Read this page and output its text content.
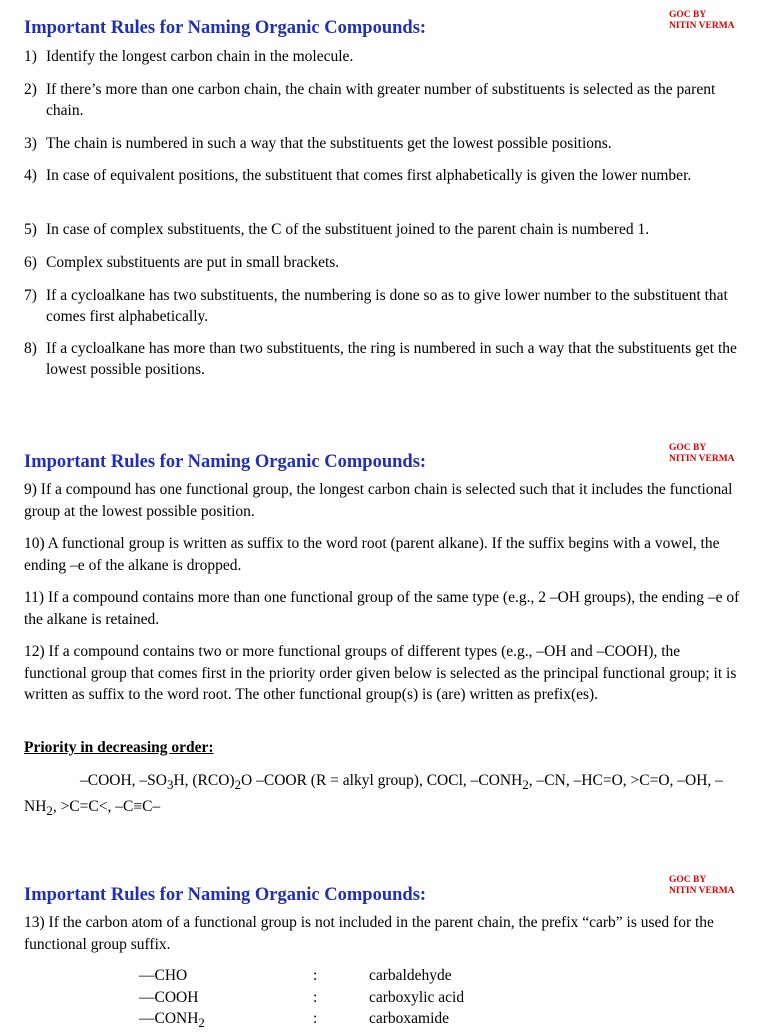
Important Rules for Naming Organic Compounds:
GOC BY
NITIN VERMA
1) Identify the longest carbon chain in the molecule.
2) If there’s more than one carbon chain, the chain with greater number of substituents is selected as the parent chain.
3) The chain is numbered in such a way that the substituents get the lowest possible positions.
4) In case of equivalent positions, the substituent that comes first alphabetically is given the lower number.
5) In case of complex substituents, the C of the substituent joined to the parent chain is numbered 1.
6) Complex substituents are put in small brackets.
7) If a cycloalkane has two substituents, the numbering is done so as to give lower number to the substituent that comes first alphabetically.
8) If a cycloalkane has more than two substituents, the ring is numbered in such a way that the substituents get the lowest possible positions.
Important Rules for Naming Organic Compounds:
GOC BY
NITIN VERMA
9) If a compound has one functional group, the longest carbon chain is selected such that it includes the functional group at the lowest possible position.
10) A functional group is written as suffix to the word root (parent alkane). If the suffix begins with a vowel, the ending –e of the alkane is dropped.
11) If a compound contains more than one functional group of the same type (e.g., 2 –OH groups), the ending –e of the alkane is retained.
12) If a compound contains two or more functional groups of different types (e.g., –OH and –COOH), the functional group that comes first in the priority order given below is selected as the principal functional group; it is written as suffix to the word root. The other functional group(s) is (are) written as prefix(es).
Priority in decreasing order:
–COOH, $-SO_3H$, $(RCO)_2O$ –COOR (R = alkyl group), COCl, $-CONH_2$, –CN, –HC=O, >C=O, –OH, $-NH_2$, >C=C<, –C≡C–
Important Rules for Naming Organic Compounds:
GOC BY
NITIN VERMA
13) If the carbon atom of a functional group is not included in the parent chain, the prefix “carb” is used for the functional group suffix.
—CHO	:	carbaldehyde
—COOH	:	carboxylic acid
$—CONH_2$	:	carboxamide
